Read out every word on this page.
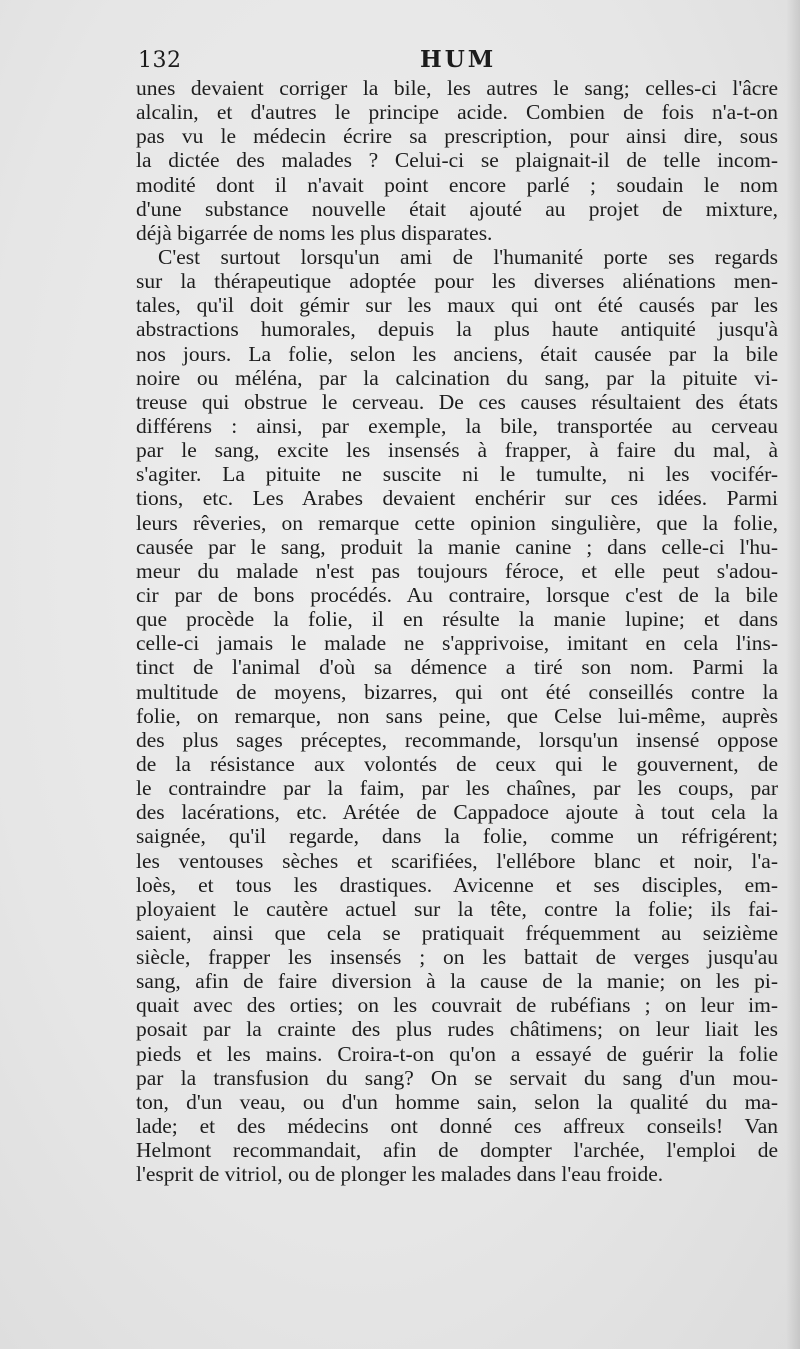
132	HUM
unes devaient corriger la bile, les autres le sang; celles-ci l'âcre
alcalin, et d'autres le principe acide. Combien de fois n'a-t-on
pas vu le médecin écrire sa prescription, pour ainsi dire, sous
la dictée des malades ? Celui-ci se plaignait-il de telle incom-
modité dont il n'avait point encore parlé ; soudain le nom
d'une substance nouvelle était ajouté au projet de mixture,
déjà bigarrée de noms les plus disparates.
C'est surtout lorsqu'un ami de l'humanité porte ses regards
sur la thérapeutique adoptée pour les diverses aliénations men-
tales, qu'il doit gémir sur les maux qui ont été causés par les
abstractions humorales, depuis la plus haute antiquité jusqu'à
nos jours. La folie, selon les anciens, était causée par la bile
noire ou méléna, par la calcination du sang, par la pituite vi-
treuse qui obstrue le cerveau. De ces causes résultaient des états
différens : ainsi, par exemple, la bile, transportée au cerveau
par le sang, excite les insensés à frapper, à faire du mal, à
s'agiter. La pituite ne suscite ni le tumulte, ni les vocifér-
tions, etc. Les Arabes devaient enchérir sur ces idées. Parmi
leurs rêveries, on remarque cette opinion singulière, que la folie,
causée par le sang, produit la manie canine ; dans celle-ci l'hu-
meur du malade n'est pas toujours féroce, et elle peut s'adou-
cir par de bons procédés. Au contraire, lorsque c'est de la bile
que procède la folie, il en résulte la manie lupine; et dans
celle-ci jamais le malade ne s'apprivoise, imitant en cela l'ins-
tinct de l'animal d'où sa démence a tiré son nom. Parmi la
multitude de moyens, bizarres, qui ont été conseillés contre la
folie, on remarque, non sans peine, que Celse lui-même, auprès
des plus sages préceptes, recommande, lorsqu'un insensé oppose
de la résistance aux volontés de ceux qui le gouvernent, de
le contraindre par la faim, par les chaînes, par les coups, par
des lacérations, etc. Arétée de Cappadoce ajoute à tout cela la
saignée, qu'il regarde, dans la folie, comme un réfrigérent;
les ventouses sèches et scarifiées, l'ellébore blanc et noir, l'a-
loès, et tous les drastiques. Avicenne et ses disciples, em-
ployaient le cautère actuel sur la tête, contre la folie; ils fai-
saient, ainsi que cela se pratiquait fréquemment au seizième
siècle, frapper les insensés ; on les battait de verges jusqu'au
sang, afin de faire diversion à la cause de la manie; on les pi-
quait avec des orties; on les couvrait de rubéfians ; on leur im-
posait par la crainte des plus rudes châtimens; on leur liait les
pieds et les mains. Croira-t-on qu'on a essayé de guérir la folie
par la transfusion du sang? On se servait du sang d'un mou-
ton, d'un veau, ou d'un homme sain, selon la qualité du ma-
lade; et des médecins ont donné ces affreux conseils! Van
Helmont recommandait, afin de dompter l'archée, l'emploi de
l'esprit de vitriol, ou de plonger les malades dans l'eau froide.
